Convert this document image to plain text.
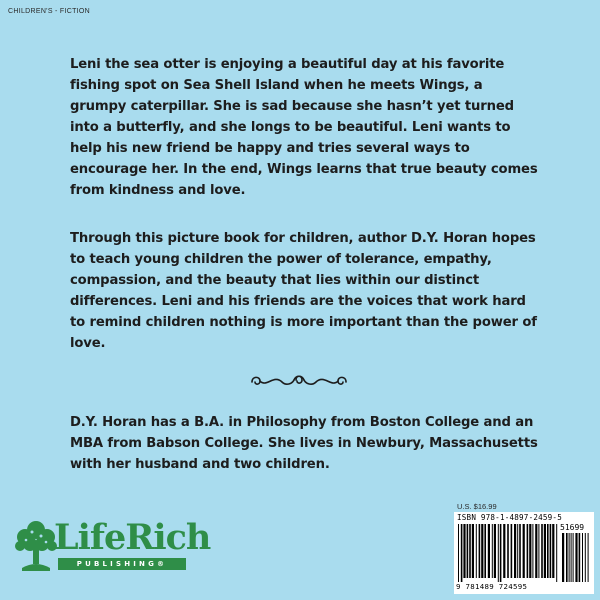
CHILDREN'S - FICTION

Leni the sea otter is enjoying a beautiful day at his favorite fishing spot on Sea Shell Island when he meets Wings, a grumpy caterpillar. She is sad because she hasn’t yet turned into a butterfly, and she longs to be beautiful. Leni wants to help his new friend be happy and tries several ways to encourage her. In the end, Wings learns that true beauty comes from kindness and love.

Through this picture book for children, author D.Y. Horan hopes to teach young children the power of tolerance, empathy, compassion, and the beauty that lies within our distinct differences. Leni and his friends are the voices that work hard to remind children nothing is more important than the power of love.

D.Y. Horan has a B.A. in Philosophy from Boston College and an MBA from Babson College. She lives in Newbury, Massachusetts with her husband and two children.

LifeRich
PUBLISHING®
U.S. $16.99
ISBN 978-1-4897-2459-5
51699
9 781489 724595
